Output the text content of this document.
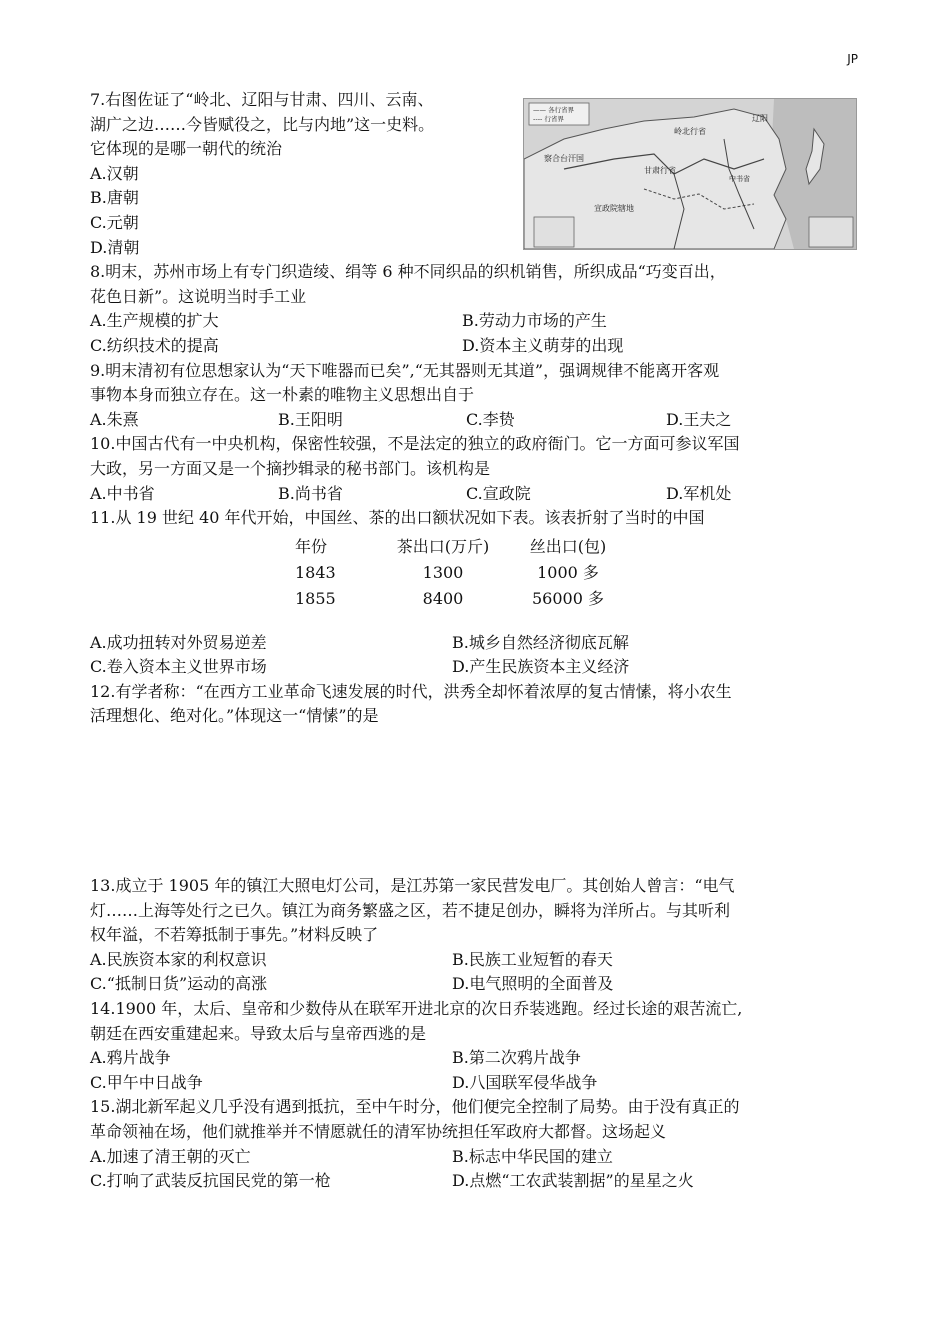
JP
—— 各行省界
---- 行省界
岭北行省
辽阳
察合台汗国
甘肃行省
宣政院辖地
中书省
7.右图佐证了“岭北、辽阳与甘肃、四川、云南、
湖广之边……今皆赋役之，比与内地”这一史料。
它体现的是哪一朝代的统治
A.汉朝
B.唐朝
C.元朝
D.清朝
8.明末，苏州市场上有专门织造绫、绢等 6 种不同织品的织机销售，所织成品“巧变百出，
花色日新”。这说明当时手工业
A.生产规模的扩大	B.劳动力市场的产生
C.纺织技术的提高	D.资本主义萌芽的出现
9.明末清初有位思想家认为“天下唯器而已矣”,“无其器则无其道”，强调规律不能离开客观
事物本身而独立存在。这一朴素的唯物主义思想出自于
A.朱熹	B.王阳明	C.李贽	D.王夫之
10.中国古代有一中央机构，保密性较强，不是法定的独立的政府衙门。它一方面可参议军国
大政，另一方面又是一个摘抄辑录的秘书部门。该机构是
A.中书省	B.尚书省	C.宣政院	D.军机处
11.从 19 世纪 40 年代开始，中国丝、茶的出口额状况如下表。该表折射了当时的中国
年份	茶出口(万斤)	丝出口(包)
1843	1300	1000 多
1855	8400	56000 多
A.成功扭转对外贸易逆差	B.城乡自然经济彻底瓦解
C.卷入资本主义世界市场	D.产生民族资本主义经济
12.有学者称：“在西方工业革命飞速发展的时代，洪秀全却怀着浓厚的复古情愫，将小农生
活理想化、绝对化。”体现这一“情愫”的是
13.成立于 1905 年的镇江大照电灯公司，是江苏第一家民营发电厂。其创始人曾言：“电气
灯……上海等处行之已久。镇江为商务繁盛之区，若不捷足创办，瞬将为洋所占。与其听利
权年溢，不若筹抵制于事先。”材料反映了
A.民族资本家的利权意识	B.民族工业短暂的春天
C.“抵制日货”运动的高涨	D.电气照明的全面普及
14.1900 年，太后、皇帝和少数侍从在联军开进北京的次日乔装逃跑。经过长途的艰苦流亡,
朝廷在西安重建起来。导致太后与皇帝西逃的是
A.鸦片战争	B.第二次鸦片战争
C.甲午中日战争	D.八国联军侵华战争
15.湖北新军起义几乎没有遇到抵抗，至中午时分，他们便完全控制了局势。由于没有真正的
革命领袖在场，他们就推举并不情愿就任的清军协统担任军政府大都督。这场起义
A.加速了清王朝的灭亡	B.标志中华民国的建立
C.打响了武装反抗国民党的第一枪	D.点燃“工农武装割据”的星星之火
